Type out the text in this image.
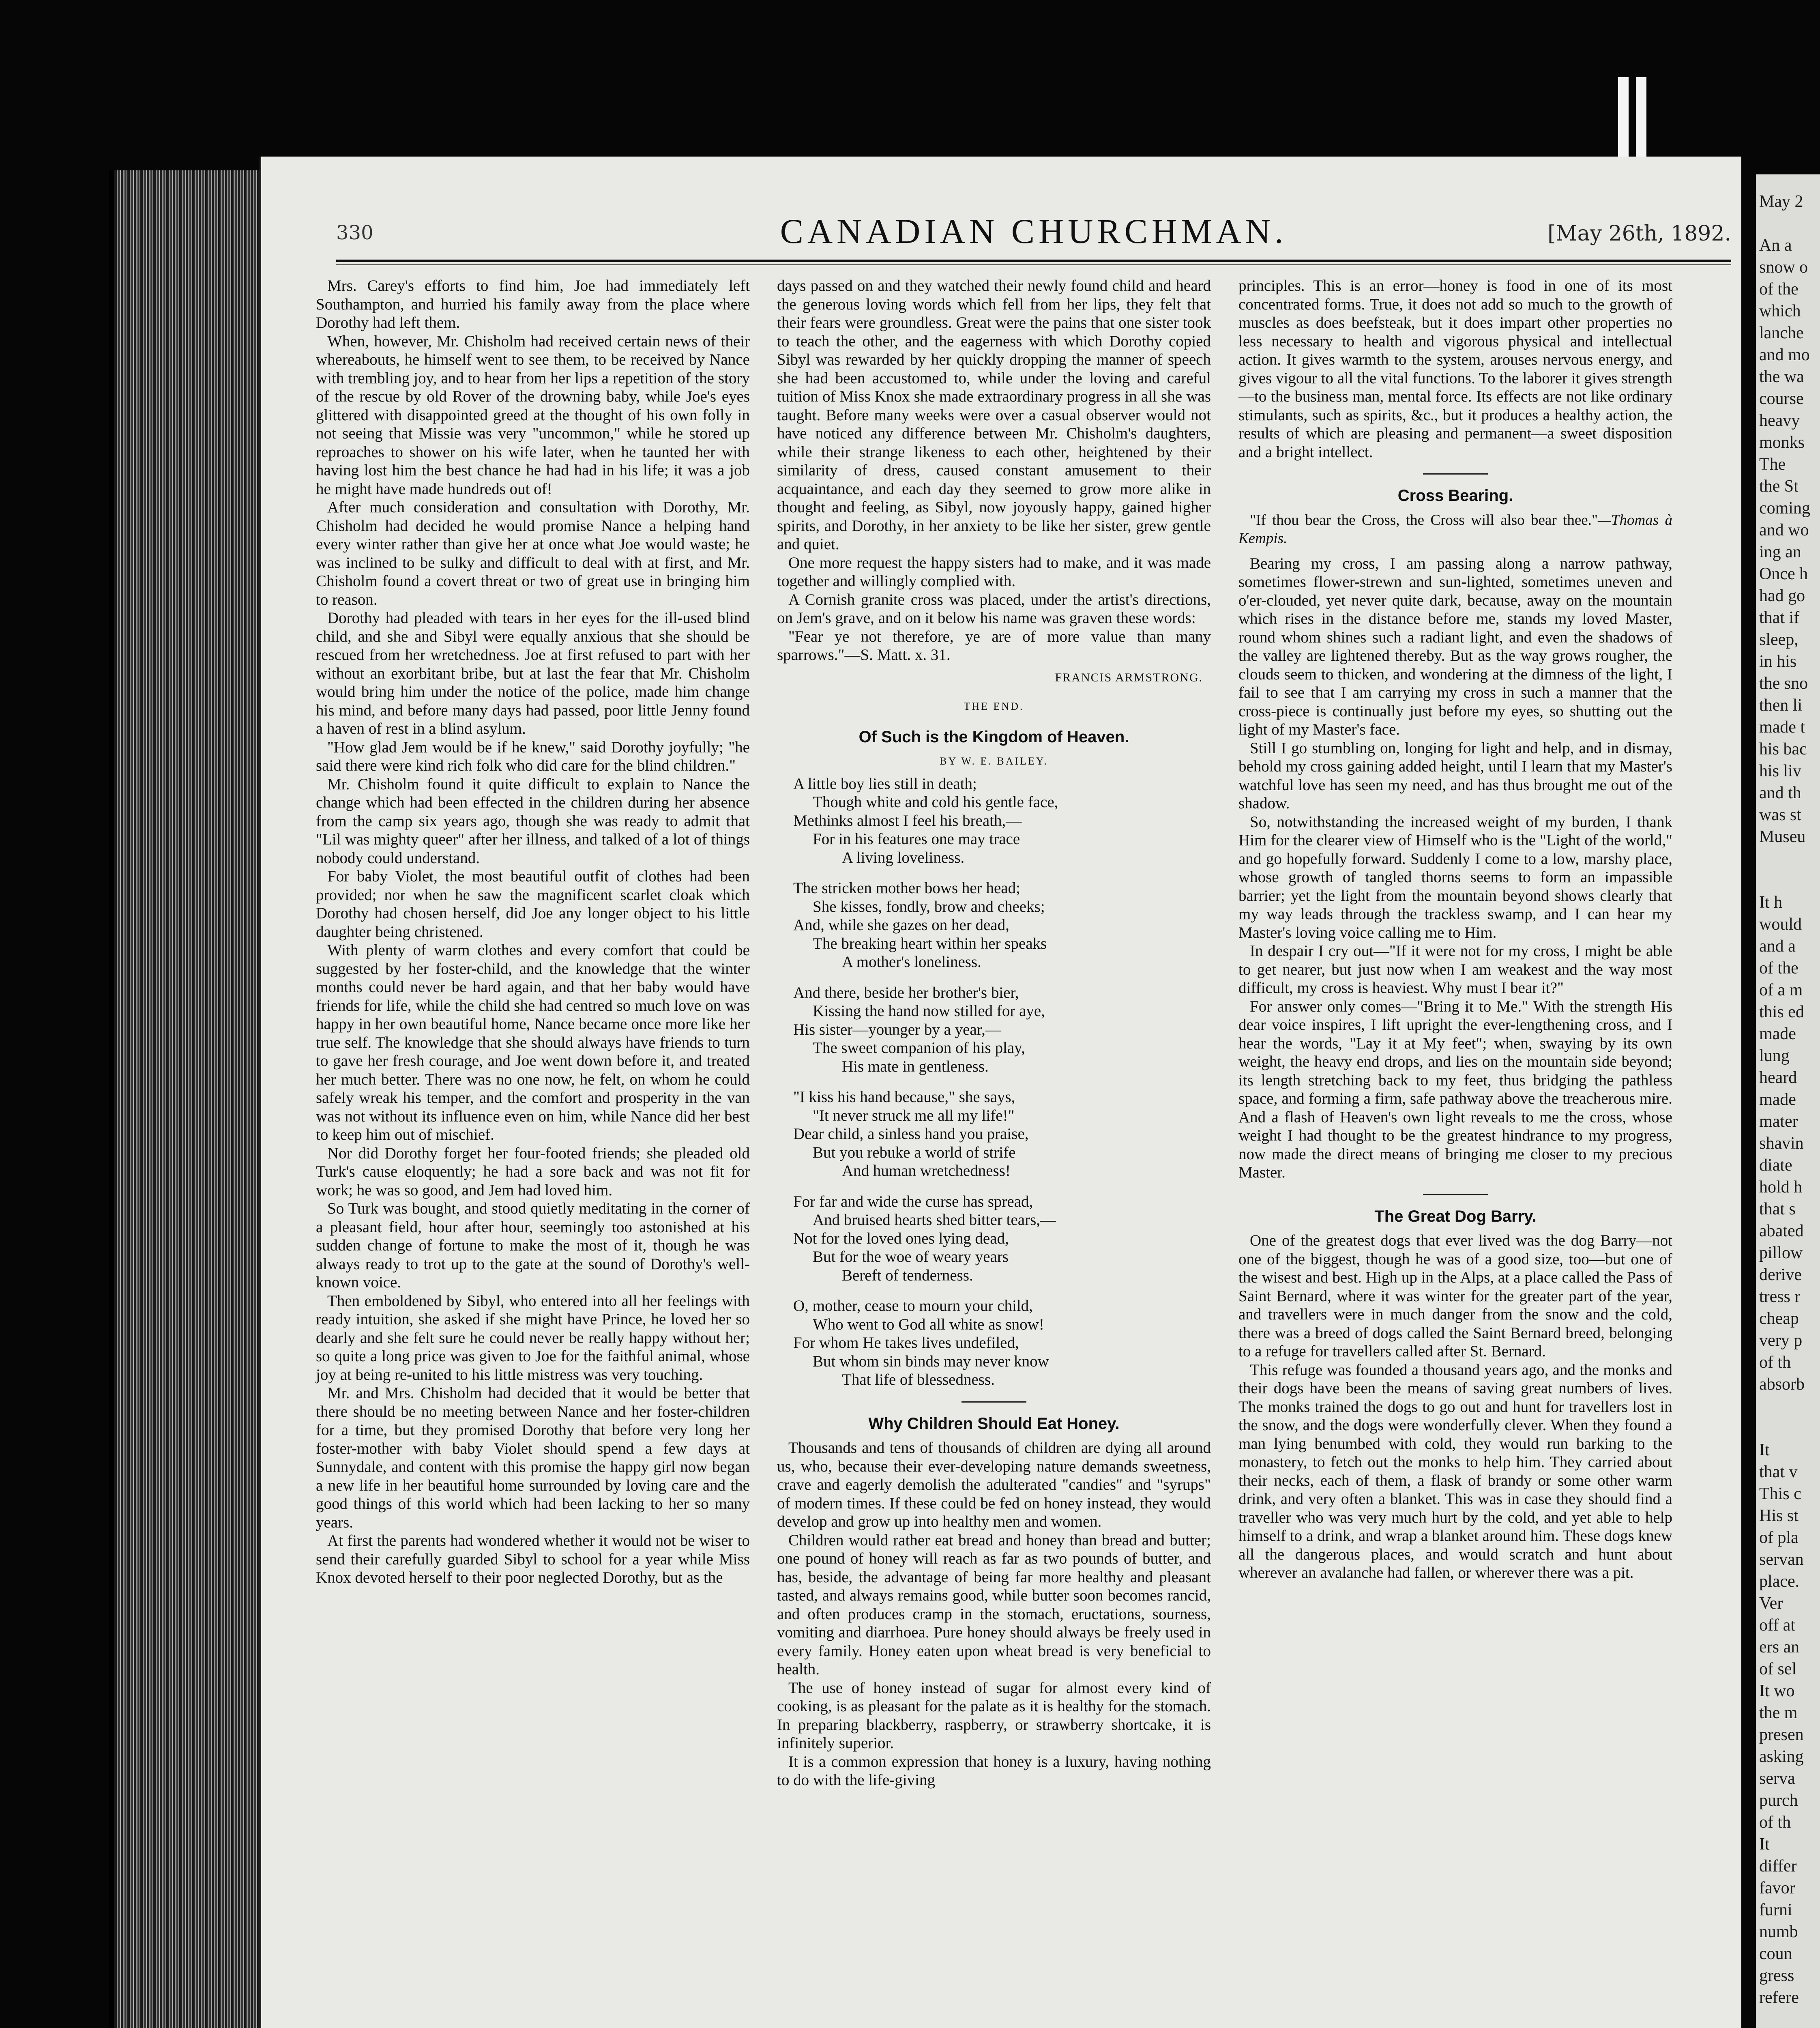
May 2
An a
snow o
of the
which
lanche
and mo
the wa
course
heavy
monks
The
the St
coming
and wo
ing an
Once h
had go
that if
sleep,
in his
the sno
then li
made t
his bac
his liv
and th
was st
Museu
It h
would
and a
of the
of a m
this ed
made
lung
heard
made
mater
shavin
diate
hold h
that s
abated
pillow
derive
tress r
cheap
very p
of th
absorb
It
that v
This c
His st
of pla
servan
place.
Ver
off at
ers an
of sel
It wo
the m
presen
asking
serva
purch
of th
It
differ
favor
furni
numb
coun
gress
refere
330	CANADIAN CHURCHMAN.	[May 26th, 1892.

Mrs. Carey's efforts to find him, Joe had immediately left Southampton, and hurried his family away from the place where Dorothy had left them.

When, however, Mr. Chisholm had received certain news of their whereabouts, he himself went to see them, to be received by Nance with trembling joy, and to hear from her lips a repetition of the story of the rescue by old Rover of the drowning baby, while Joe's eyes glittered with disappointed greed at the thought of his own folly in not seeing that Missie was very "uncommon," while he stored up reproaches to shower on his wife later, when he taunted her with having lost him the best chance he had had in his life; it was a job he might have made hundreds out of!

After much consideration and consultation with Dorothy, Mr. Chisholm had decided he would promise Nance a helping hand every winter rather than give her at once what Joe would waste; he was inclined to be sulky and difficult to deal with at first, and Mr. Chisholm found a covert threat or two of great use in bringing him to reason.

Dorothy had pleaded with tears in her eyes for the ill-used blind child, and she and Sibyl were equally anxious that she should be rescued from her wretchedness. Joe at first refused to part with her without an exorbitant bribe, but at last the fear that Mr. Chisholm would bring him under the notice of the police, made him change his mind, and before many days had passed, poor little Jenny found a haven of rest in a blind asylum.

"How glad Jem would be if he knew," said Dorothy joyfully; "he said there were kind rich folk who did care for the blind children."

Mr. Chisholm found it quite difficult to explain to Nance the change which had been effected in the children during her absence from the camp six years ago, though she was ready to admit that "Lil was mighty queer" after her illness, and talked of a lot of things nobody could understand.

For baby Violet, the most beautiful outfit of clothes had been provided; nor when he saw the magnificent scarlet cloak which Dorothy had chosen herself, did Joe any longer object to his little daughter being christened.

With plenty of warm clothes and every comfort that could be suggested by her foster-child, and the knowledge that the winter months could never be hard again, and that her baby would have friends for life, while the child she had centred so much love on was happy in her own beautiful home, Nance became once more like her true self. The knowledge that she should always have friends to turn to gave her fresh courage, and Joe went down before it, and treated her much better. There was no one now, he felt, on whom he could safely wreak his temper, and the comfort and prosperity in the van was not without its influence even on him, while Nance did her best to keep him out of mischief.

Nor did Dorothy forget her four-footed friends; she pleaded old Turk's cause eloquently; he had a sore back and was not fit for work; he was so good, and Jem had loved him.

So Turk was bought, and stood quietly meditating in the corner of a pleasant field, hour after hour, seemingly too astonished at his sudden change of fortune to make the most of it, though he was always ready to trot up to the gate at the sound of Dorothy's well-known voice.

Then emboldened by Sibyl, who entered into all her feelings with ready intuition, she asked if she might have Prince, he loved her so dearly and she felt sure he could never be really happy without her; so quite a long price was given to Joe for the faithful animal, whose joy at being re-united to his little mistress was very touching.

Mr. and Mrs. Chisholm had decided that it would be better that there should be no meeting between Nance and her foster-children for a time, but they promised Dorothy that before very long her foster-mother with baby Violet should spend a few days at Sunnydale, and content with this promise the happy girl now began a new life in her beautiful home surrounded by loving care and the good things of this world which had been lacking to her so many years.

At first the parents had wondered whether it would not be wiser to send their carefully guarded Sibyl to school for a year while Miss Knox devoted herself to their poor neglected Dorothy, but as the

days passed on and they watched their newly found child and heard the generous loving words which fell from her lips, they felt that their fears were groundless. Great were the pains that one sister took to teach the other, and the eagerness with which Dorothy copied Sibyl was rewarded by her quickly dropping the manner of speech she had been accustomed to, while under the loving and careful tuition of Miss Knox she made extraordinary progress in all she was taught. Before many weeks were over a casual observer would not have noticed any difference between Mr. Chisholm's daughters, while their strange likeness to each other, heightened by their similarity of dress, caused constant amusement to their acquaintance, and each day they seemed to grow more alike in thought and feeling, as Sibyl, now joyously happy, gained higher spirits, and Dorothy, in her anxiety to be like her sister, grew gentle and quiet.

One more request the happy sisters had to make, and it was made together and willingly complied with.

A Cornish granite cross was placed, under the artist's directions, on Jem's grave, and on it below his name was graven these words:

"Fear ye not therefore, ye are of more value than many sparrows."—S. Matt. x. 31.

FRANCIS ARMSTRONG.
THE END.
Of Such is the Kingdom of Heaven.
BY W. E. BAILEY.
A little boy lies still in death;
Though white and cold his gentle face,
Methinks almost I feel his breath,—
For in his features one may trace
A living loveliness.
The stricken mother bows her head;
She kisses, fondly, brow and cheeks;
And, while she gazes on her dead,
The breaking heart within her speaks
A mother's loneliness.
And there, beside her brother's bier,
Kissing the hand now stilled for aye,
His sister—younger by a year,—
The sweet companion of his play,
His mate in gentleness.
"I kiss his hand because," she says,
"It never struck me all my life!"
Dear child, a sinless hand you praise,
But you rebuke a world of strife
And human wretchedness!
For far and wide the curse has spread,
And bruised hearts shed bitter tears,—
Not for the loved ones lying dead,
But for the woe of weary years
Bereft of tenderness.
O, mother, cease to mourn your child,
Who went to God all white as snow!
For whom He takes lives undefiled,
But whom sin binds may never know
That life of blessedness.
Why Children Should Eat Honey.

Thousands and tens of thousands of children are dying all around us, who, because their ever-developing nature demands sweetness, crave and eagerly demolish the adulterated "candies" and "syrups" of modern times. If these could be fed on honey instead, they would develop and grow up into healthy men and women.

Children would rather eat bread and honey than bread and butter; one pound of honey will reach as far as two pounds of butter, and has, beside, the advantage of being far more healthy and pleasant tasted, and always remains good, while butter soon becomes rancid, and often produces cramp in the stomach, eructations, sourness, vomiting and diarrhoea. Pure honey should always be freely used in every family. Honey eaten upon wheat bread is very beneficial to health.

The use of honey instead of sugar for almost every kind of cooking, is as pleasant for the palate as it is healthy for the stomach. In preparing blackberry, raspberry, or strawberry shortcake, it is infinitely superior.

It is a common expression that honey is a luxury, having nothing to do with the life-giving

principles. This is an error—honey is food in one of its most concentrated forms. True, it does not add so much to the growth of muscles as does beefsteak, but it does impart other properties no less necessary to health and vigorous physical and intellectual action. It gives warmth to the system, arouses nervous energy, and gives vigour to all the vital functions. To the laborer it gives strength—to the business man, mental force. Its effects are not like ordinary stimulants, such as spirits, &c., but it produces a healthy action, the results of which are pleasing and permanent—a sweet disposition and a bright intellect.

Cross Bearing.

"If thou bear the Cross, the Cross will also bear thee."—Thomas à Kempis.

Bearing my cross, I am passing along a narrow pathway, sometimes flower-strewn and sun-lighted, sometimes uneven and o'er-clouded, yet never quite dark, because, away on the mountain which rises in the distance before me, stands my loved Master, round whom shines such a radiant light, and even the shadows of the valley are lightened thereby. But as the way grows rougher, the clouds seem to thicken, and wondering at the dimness of the light, I fail to see that I am carrying my cross in such a manner that the cross-piece is continually just before my eyes, so shutting out the light of my Master's face.

Still I go stumbling on, longing for light and help, and in dismay, behold my cross gaining added height, until I learn that my Master's watchful love has seen my need, and has thus brought me out of the shadow.

So, notwithstanding the increased weight of my burden, I thank Him for the clearer view of Himself who is the "Light of the world," and go hopefully forward. Suddenly I come to a low, marshy place, whose growth of tangled thorns seems to form an impassible barrier; yet the light from the mountain beyond shows clearly that my way leads through the trackless swamp, and I can hear my Master's loving voice calling me to Him.

In despair I cry out—"If it were not for my cross, I might be able to get nearer, but just now when I am weakest and the way most difficult, my cross is heaviest. Why must I bear it?"

For answer only comes—"Bring it to Me." With the strength His dear voice inspires, I lift upright the ever-lengthening cross, and I hear the words, "Lay it at My feet"; when, swaying by its own weight, the heavy end drops, and lies on the mountain side beyond; its length stretching back to my feet, thus bridging the pathless space, and forming a firm, safe pathway above the treacherous mire. And a flash of Heaven's own light reveals to me the cross, whose weight I had thought to be the greatest hindrance to my progress, now made the direct means of bringing me closer to my precious Master.

The Great Dog Barry.

One of the greatest dogs that ever lived was the dog Barry—not one of the biggest, though he was of a good size, too—but one of the wisest and best. High up in the Alps, at a place called the Pass of Saint Bernard, where it was winter for the greater part of the year, and travellers were in much danger from the snow and the cold, there was a breed of dogs called the Saint Bernard breed, belonging to a refuge for travellers called after St. Bernard.

This refuge was founded a thousand years ago, and the monks and their dogs have been the means of saving great numbers of lives. The monks trained the dogs to go out and hunt for travellers lost in the snow, and the dogs were wonderfully clever. When they found a man lying benumbed with cold, they would run barking to the monastery, to fetch out the monks to help him. They carried about their necks, each of them, a flask of brandy or some other warm drink, and very often a blanket. This was in case they should find a traveller who was very much hurt by the cold, and yet able to help himself to a drink, and wrap a blanket around him. These dogs knew all the dangerous places, and would scratch and hunt about wherever an avalanche had fallen, or wherever there was a pit.
